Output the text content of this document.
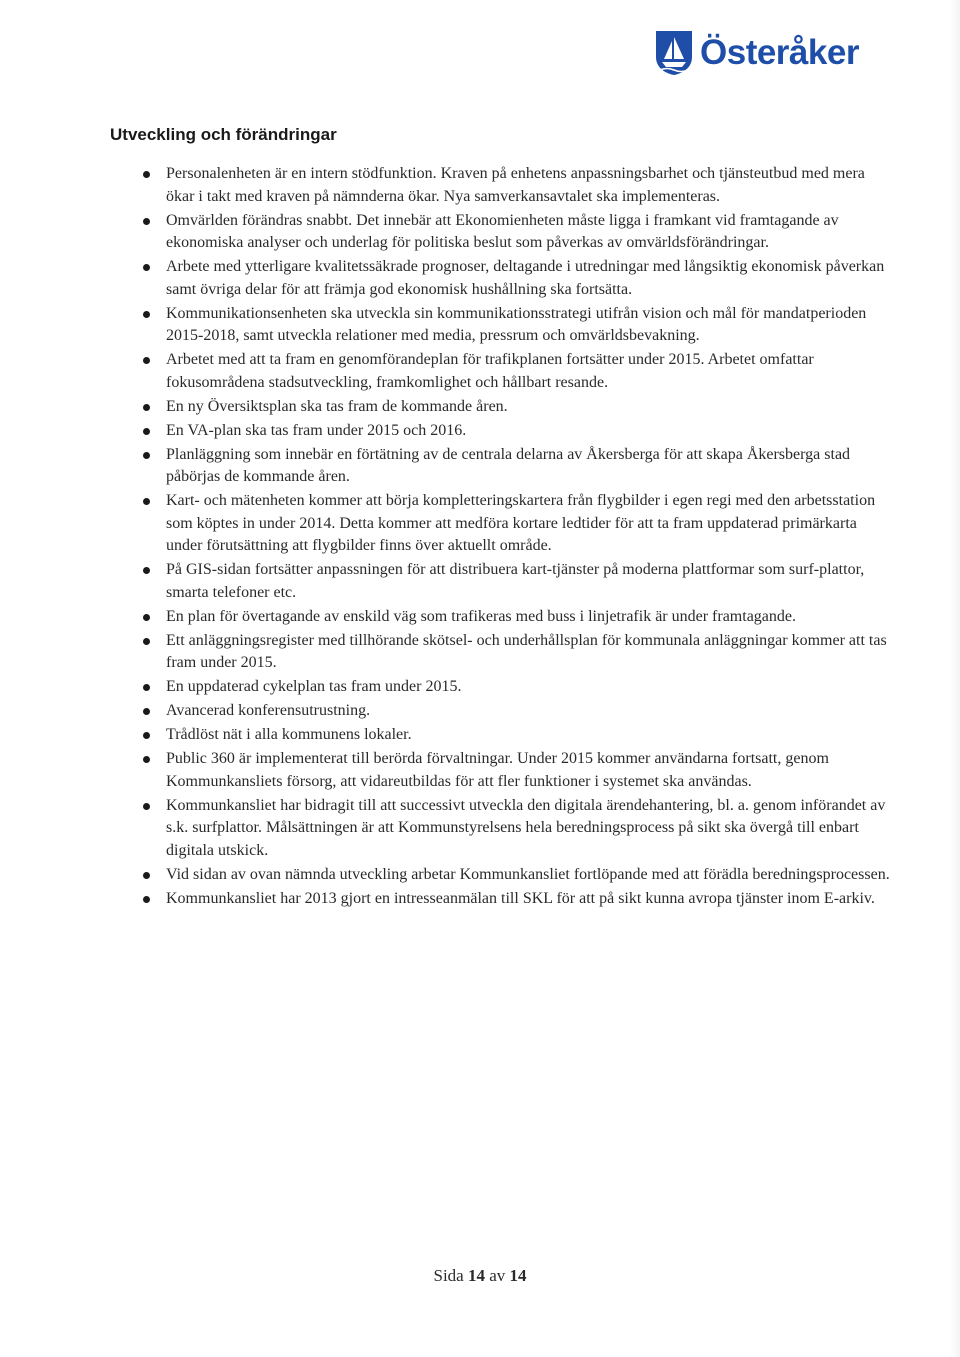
Österåker
Utveckling och förändringar
Personalenheten är en intern stödfunktion. Kraven på enhetens anpassningsbarhet och tjänsteutbud med mera ökar i takt med kraven på nämnderna ökar. Nya samverkansavtalet ska implementeras.
Omvärlden förändras snabbt. Det innebär att Ekonomienheten måste ligga i framkant vid framtagande av ekonomiska analyser och underlag för politiska beslut som påverkas av omvärldsförändringar.
Arbete med ytterligare kvalitetssäkrade prognoser, deltagande i utredningar med långsiktig ekonomisk påverkan samt övriga delar för att främja god ekonomisk hushållning ska fortsätta.
Kommunikationsenheten ska utveckla sin kommunikationsstrategi utifrån vision och mål för mandatperioden 2015-2018, samt utveckla relationer med media, pressrum och omvärldsbevakning.
Arbetet med att ta fram en genomförandeplan för trafikplanen fortsätter under 2015. Arbetet omfattar fokusområdena stadsutveckling, framkomlighet och hållbart resande.
En ny Översiktsplan ska tas fram de kommande åren.
En VA-plan ska tas fram under 2015 och 2016.
Planläggning som innebär en förtätning av de centrala delarna av Åkersberga för att skapa Åkersberga stad påbörjas de kommande åren.
Kart- och mätenheten kommer att börja kompletteringskartera från flygbilder i egen regi med den arbetsstation som köptes in under 2014. Detta kommer att medföra kortare ledtider för att ta fram uppdaterad primärkarta under förutsättning att flygbilder finns över aktuellt område.
På GIS-sidan fortsätter anpassningen för att distribuera kart-tjänster på moderna plattformar som surf-plattor, smarta telefoner etc.
En plan för övertagande av enskild väg som trafikeras med buss i linjetrafik är under framtagande.
Ett anläggningsregister med tillhörande skötsel- och underhållsplan för kommunala anläggningar kommer att tas fram under 2015.
En uppdaterad cykelplan tas fram under 2015.
Avancerad konferensutrustning.
Trådlöst nät i alla kommunens lokaler.
Public 360 är implementerat till berörda förvaltningar. Under 2015 kommer användarna fortsatt, genom Kommunkansliets försorg, att vidareutbildas för att fler funktioner i systemet ska användas.
Kommunkansliet har bidragit till att successivt utveckla den digitala ärendehantering, bl. a. genom införandet av s.k. surfplattor. Målsättningen är att Kommunstyrelsens hela beredningsprocess på sikt ska övergå till enbart digitala utskick.
Vid sidan av ovan nämnda utveckling arbetar Kommunkansliet fortlöpande med att förädla beredningsprocessen.
Kommunkansliet har 2013 gjort en intresseanmälan till SKL för att på sikt kunna avropa tjänster inom E-arkiv.
Sida 14 av 14
